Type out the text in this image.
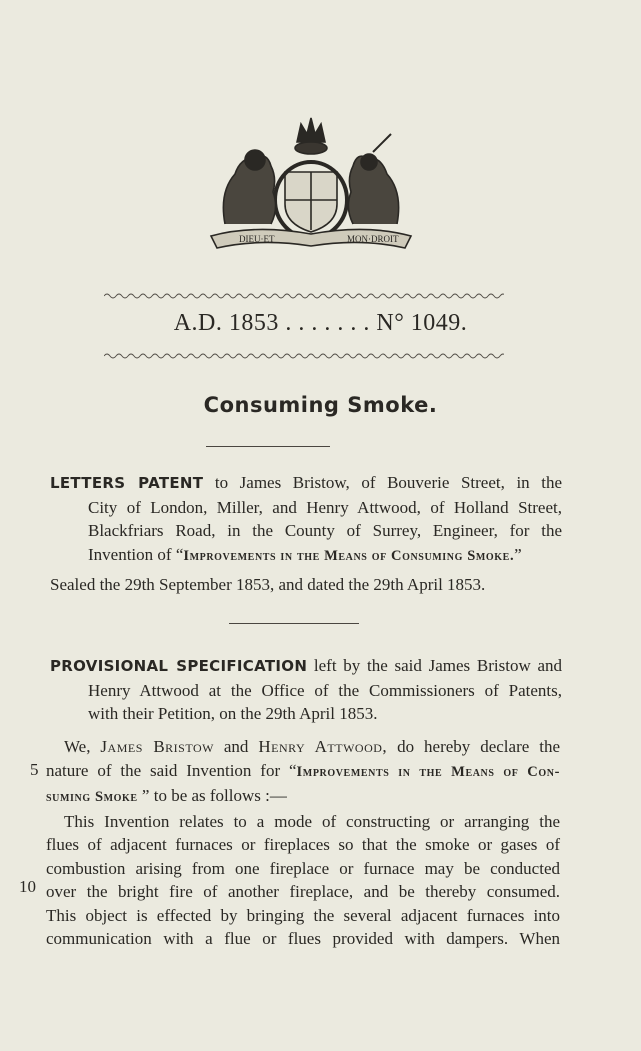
DIEU·ET	MON·DROIT
A.D. 1853 . . . . . . . N° 1049.
Consuming Smoke.
LETTERS PATENT to James Bristow, of Bouverie Street, in the
City of London, Miller, and Henry Attwood, of Holland Street,
Blackfriars Road, in the County of Surrey, Engineer, for the
Invention of “Improvements in the Means of Consuming Smoke.”
Sealed the 29th September 1853, and dated the 29th April 1853.
PROVISIONAL SPECIFICATION left by the said James Bristow and
Henry Attwood at the Office of the Commissioners of Patents,
with their Petition, on the 29th April 1853.
We, James Bristow and Henry Attwood, do hereby declare the
nature of the said Invention for “Improvements in the Means of Con-
suming Smoke ” to be as follows :—
This Invention relates to a mode of constructing or arranging the
flues of adjacent furnaces or fireplaces so that the smoke or gases of
combustion arising from one fireplace or furnace may be conducted
over the bright fire of another fireplace, and be thereby consumed.
This object is effected by bringing the several adjacent furnaces into
communication with a flue or flues provided with dampers. When
5
10
